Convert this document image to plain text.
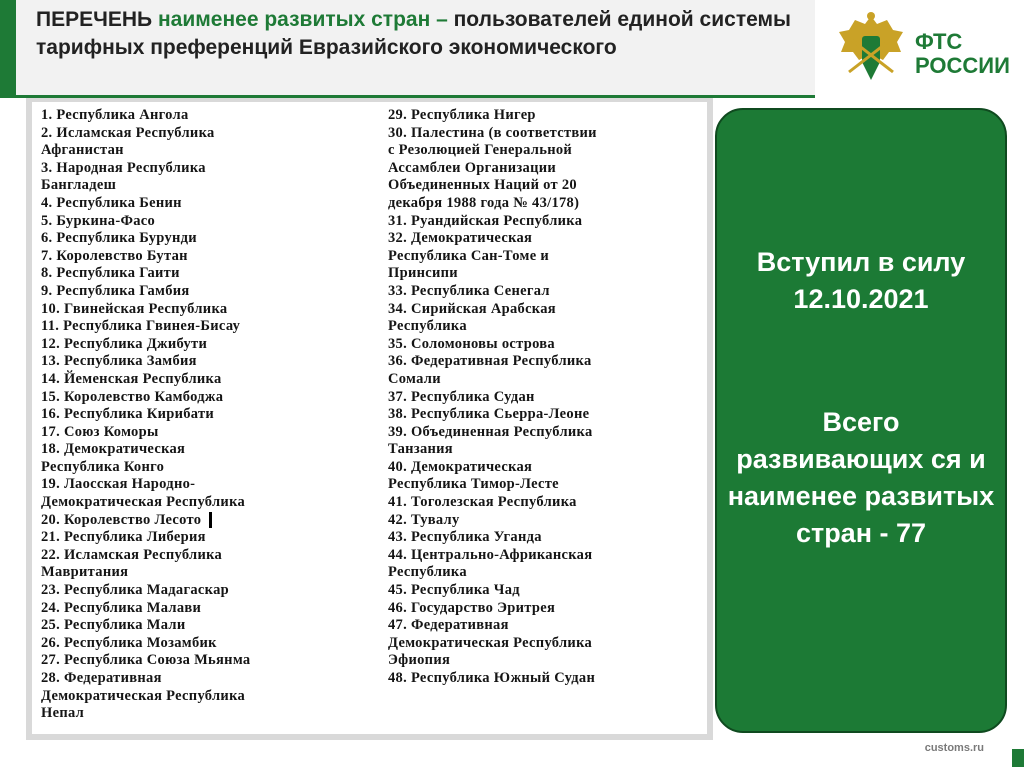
ПЕРЕЧЕНЬ наименее развитых стран – пользователей единой системы тарифных преференций Евразийского экономического	ФТС
РОССИИ
1. Республика Ангола
2. Исламская Республика
Афганистан
3. Народная Республика
Бангладеш
4. Республика Бенин
5. Буркина-Фасо
6. Республика Бурунди
7. Королевство Бутан
8. Республика Гаити
9. Республика Гамбия
10. Гвинейская Республика
11. Республика Гвинея-Бисау
12. Республика Джибути
13. Республика Замбия
14. Йеменская Республика
15. Королевство Камбоджа
16. Республика Кирибати
17. Союз Коморы
18. Демократическая
Республика Конго
19. Лаосская Народно-
Демократическая Республика
20. Королевство Лесото
21. Республика Либерия
22. Исламская Республика
Мавритания
23. Республика Мадагаскар
24. Республика Малави
25. Республика Мали
26. Республика Мозамбик
27. Республика Союза Мьянма
28. Федеративная
Демократическая Республика
Непал
29. Республика Нигер
30. Палестина (в соответствии
с Резолюцией Генеральной
Ассамблеи Организации
Объединенных Наций от 20
декабря 1988 года № 43/178)
31. Руандийская Республика
32. Демократическая
Республика Сан-Томе и
Принсипи
33. Республика Сенегал
34. Сирийская Арабская
Республика
35. Соломоновы острова
36. Федеративная Республика
Сомали
37. Республика Судан
38. Республика Сьерра-Леоне
39. Объединенная Республика
Танзания
40. Демократическая
Республика Тимор-Лесте
41. Тоголезская Республика
42. Тувалу
43. Республика Уганда
44. Центрально-Африканская
Республика
45. Республика Чад
46. Государство Эритрея
47. Федеративная
Демократическая Республика
Эфиопия
48. Республика Южный Судан

Вступил в силу 12.10.2021

Всего развивающих ся и наименее развитых стран - 77

customs.ru
